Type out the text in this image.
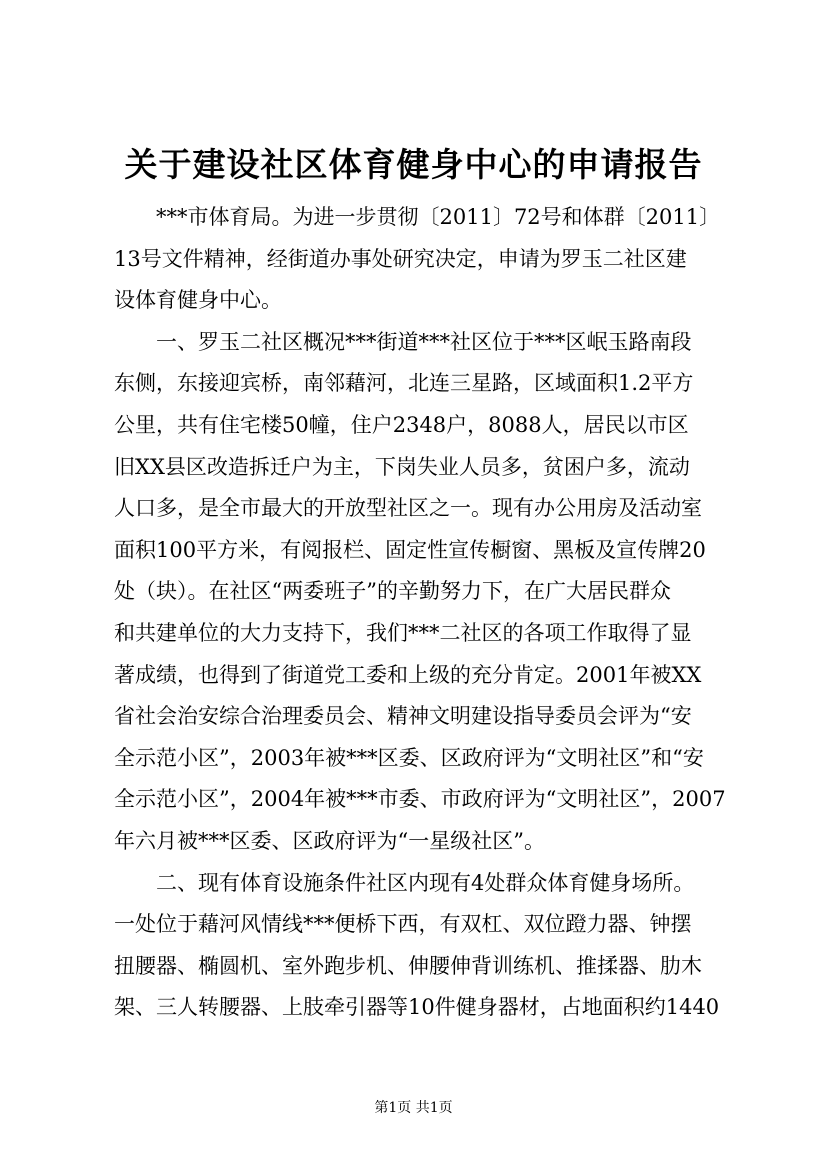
关于建设社区体育健身中心的申请报告
***市体育局。为进一步贯彻〔2011〕72号和体群〔2011〕
13号文件精神，经街道办事处研究决定，申请为罗玉二社区建
设体育健身中心。
一、罗玉二社区概况***街道***社区位于***区岷玉路南段
东侧，东接迎宾桥，南邻藉河，北连三星路，区域面积1.2平方
公里，共有住宅楼50幢，住户2348户，8088人，居民以市区
旧XX县区改造拆迁户为主，下岗失业人员多，贫困户多，流动
人口多，是全市最大的开放型社区之一。现有办公用房及活动室
面积100平方米，有阅报栏、固定性宣传橱窗、黑板及宣传牌20
处（块）。在社区“两委班子”的辛勤努力下，在广大居民群众
和共建单位的大力支持下，我们***二社区的各项工作取得了显
著成绩，也得到了街道党工委和上级的充分肯定。2001年被XX
省社会治安综合治理委员会、精神文明建设指导委员会评为“安
全示范小区”，2003年被***区委、区政府评为“文明社区”和“安
全示范小区”，2004年被***市委、市政府评为“文明社区”，2007
年六月被***区委、区政府评为“一星级社区”。
二、现有体育设施条件社区内现有4处群众体育健身场所。
一处位于藉河风情线***便桥下西，有双杠、双位蹬力器、钟摆
扭腰器、椭圆机、室外跑步机、伸腰伸背训练机、推揉器、肋木
架、三人转腰器、上肢牵引器等10件健身器材，占地面积约1440
第1页 共1页
